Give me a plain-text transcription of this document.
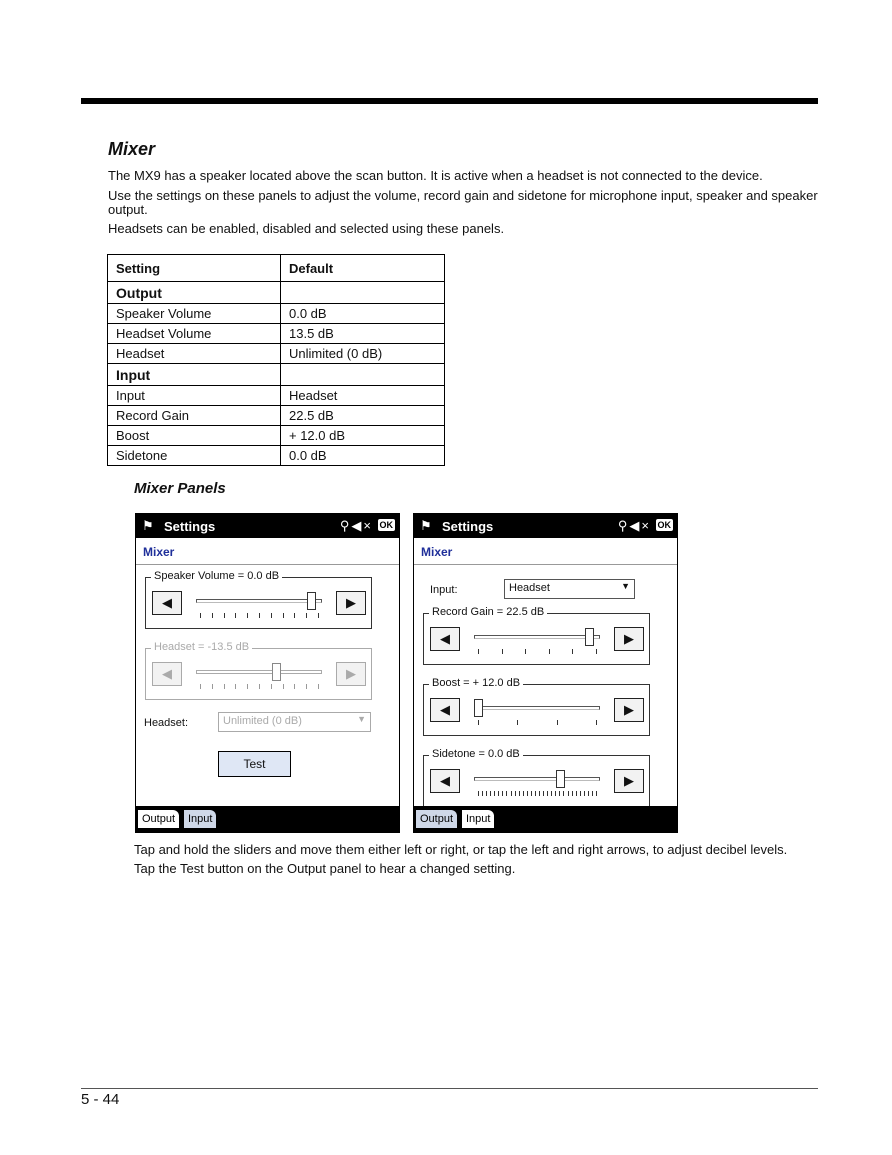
Mixer
The MX9 has a speaker located above the scan button. It is active when a headset is not connected to the device.
Use the settings on these panels to adjust the volume, record gain and sidetone for microphone input, speaker and speaker output.
Headsets can be enabled, disabled and selected using these panels.
Setting	Default
Output	
Speaker Volume	0.0 dB
Headset Volume	13.5 dB
Headset	Unlimited (0 dB)
Input	
Input	Headset
Record Gain	22.5 dB
Boost	+ 12.0 dB
Sidetone	0.0 dB
Mixer Panels
⚑ Settings	⚲◀× OK
Mixer
Speaker Volume = 0.0 dB
◀	▶
Headset = -13.5 dB
◀	▶
Headset:	Unlimited (0 dB)	▼
Test
Output	Input
⚑ Settings	⚲◀× OK
Mixer
Input:	Headset	▼
Record Gain = 22.5 dB
◀	▶
Boost = + 12.0 dB
◀	▶
Sidetone = 0.0 dB
◀	▶
Output	Input
Tap and hold the sliders and move them either left or right, or tap the left and right arrows, to adjust decibel levels.
Tap the Test button on the Output panel to hear a changed setting.
5 - 44
